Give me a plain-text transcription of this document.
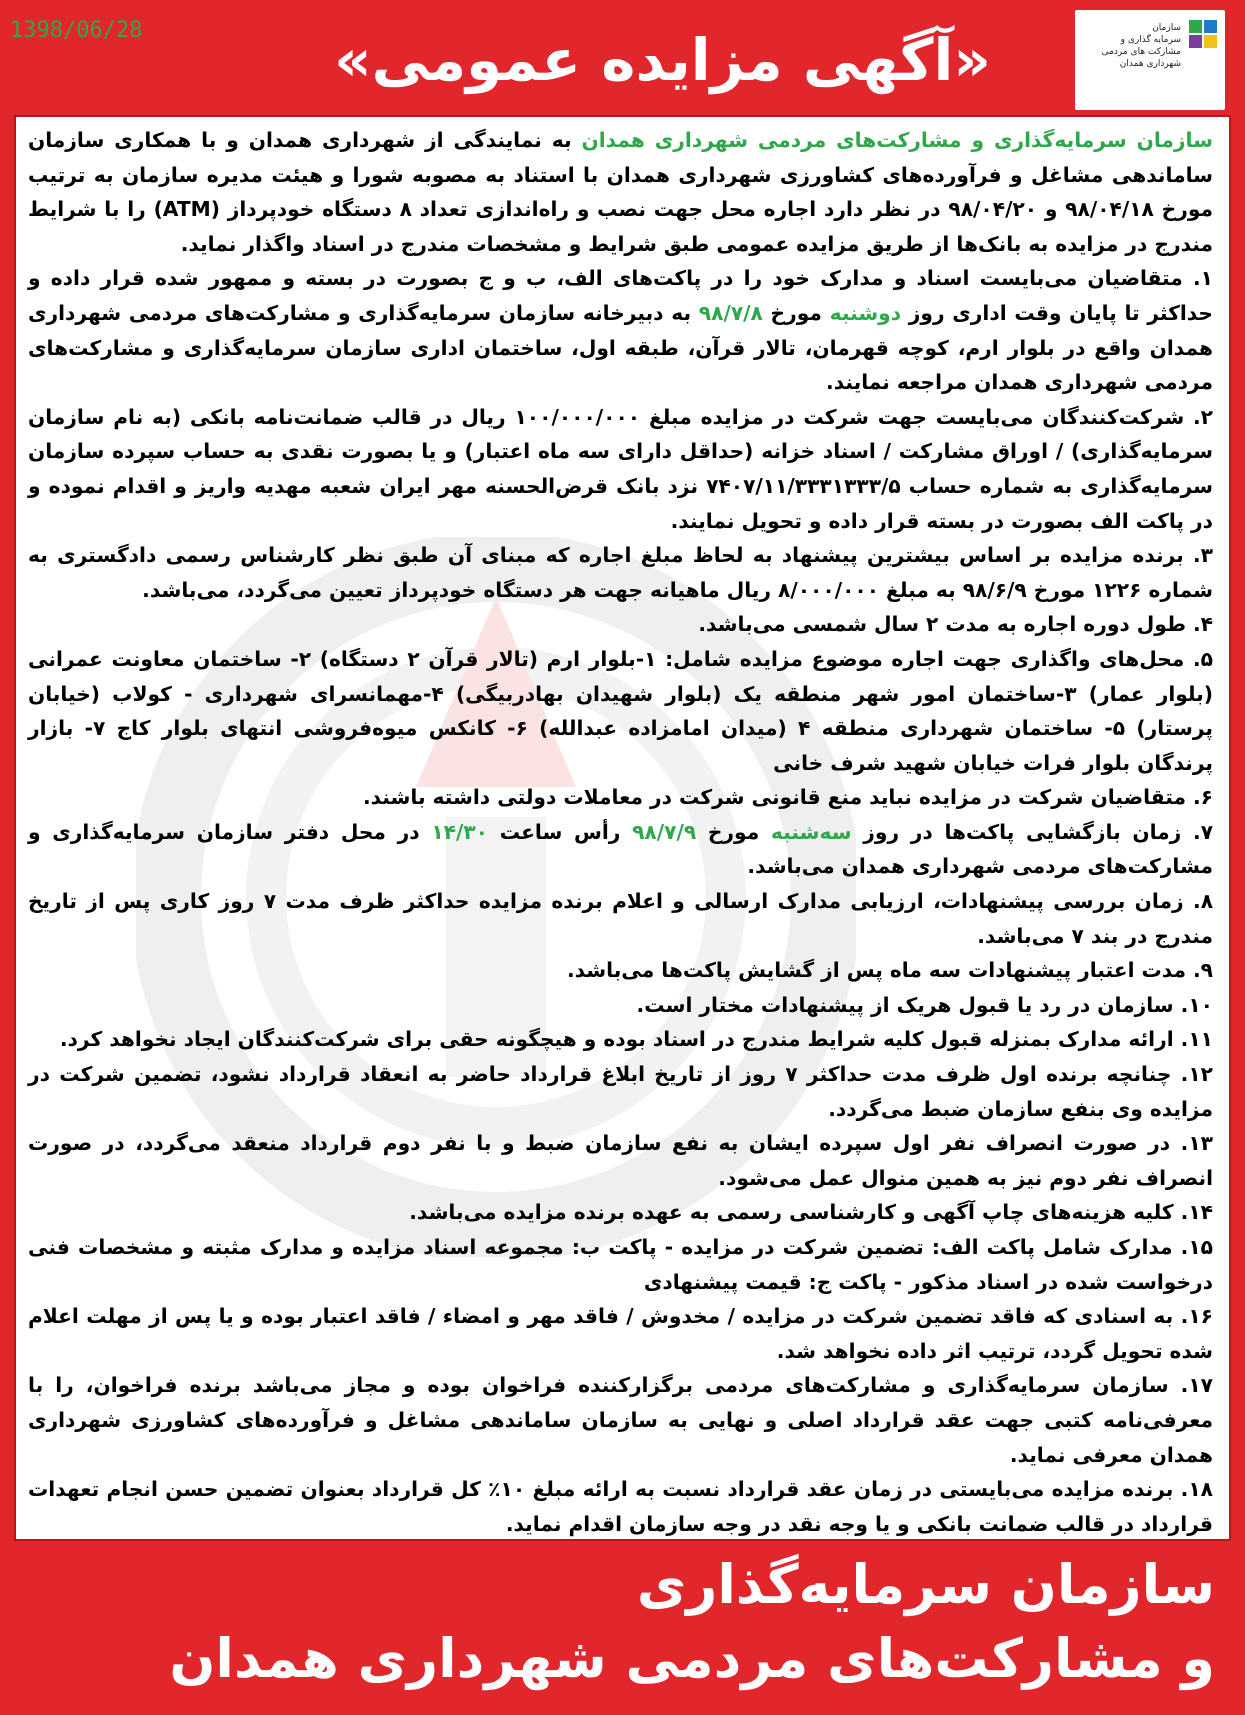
1398/06/28	«آگهی مزایده عمومی»	سازمان
سرمایه گذاری و
مشارکت های مردمی
شهرداری همدان

سازمان سرمایه‌گذاری و مشارکت‌های مردمی شهرداری همدان به نمایندگی از شهرداری همدان و با همکاری سازمان ساماندهی مشاغل و فرآورده‌های کشاورزی شهرداری همدان با استناد به مصوبه شورا و هیئت مدیره سازمان به ترتیب مورخ ۹۸/۰۴/۱۸ و ۹۸/۰۴/۲۰ در نظر دارد اجاره محل جهت نصب و راه‌اندازی تعداد ۸ دستگاه خودپرداز (ATM) را با شرایط مندرج در مزایده به بانک‌ها از طریق مزایده عمومی طبق شرایط و مشخصات مندرج در اسناد واگذار نماید.

۱. متقاضیان می‌بایست اسناد و مدارک خود را در پاکت‌های الف، ب و ج بصورت در بسته و ممهور شده قرار داده و حداکثر تا پایان وقت اداری روز دوشنبه مورخ ۹۸/۷/۸ به دبیرخانه سازمان سرمایه‌گذاری و مشارکت‌های مردمی شهرداری همدان واقع در بلوار ارم، کوچه قهرمان، تالار قرآن، طبقه اول، ساختمان اداری سازمان سرمایه‌گذاری و مشارکت‌های مردمی شهرداری همدان مراجعه نمایند.

۲. شرکت‌کنندگان می‌بایست جهت شرکت در مزایده مبلغ ۱۰۰/۰۰۰/۰۰۰ ریال در قالب ضمانت‌نامه بانکی (به نام سازمان سرمایه‌گذاری) / اوراق مشارکت / اسناد خزانه (حداقل دارای سه ماه اعتبار) و یا بصورت نقدی به حساب سپرده سازمان سرمایه‌گذاری به شماره حساب ۷۴۰۷/۱۱/۳۳۳۱۳۳۳/۵ نزد بانک قرض‌الحسنه مهر ایران شعبه مهدیه واریز و اقدام نموده و در پاکت الف بصورت در بسته قرار داده و تحویل نمایند.

۳. برنده مزایده بر اساس بیشترین پیشنهاد به لحاظ مبلغ اجاره که مبنای آن طبق نظر کارشناس رسمی دادگستری به شماره ۱۲۲۶ مورخ ۹۸/۶/۹ به مبلغ ۸/۰۰۰/۰۰۰ ریال ماهیانه جهت هر دستگاه خودپرداز تعیین می‌گردد، می‌باشد.

۴. طول دوره اجاره به مدت ۲ سال شمسی می‌باشد.

۵. محل‌های واگذاری جهت اجاره موضوع مزایده شامل: ۱-بلوار ارم (تالار قرآن ۲ دستگاه) ۲- ساختمان معاونت عمرانی (بلوار عمار) ۳-ساختمان امور شهر منطقه یک (بلوار شهیدان بهادربیگی) ۴-مهمانسرای شهرداری - کولاب (خیابان پرستار) ۵- ساختمان شهرداری منطقه ۴ (میدان امامزاده عبدالله) ۶- کانکس میوه‌فروشی انتهای بلوار کاج ۷- بازار پرندگان بلوار فرات خیابان شهید شرف خانی

۶. متقاضیان شرکت در مزایده نباید منع قانونی شرکت در معاملات دولتی داشته باشند.

۷. زمان بازگشایی پاکت‌ها در روز سه‌شنبه مورخ ۹۸/۷/۹ رأس ساعت ۱۴/۳۰ در محل دفتر سازمان سرمایه‌گذاری و مشارکت‌های مردمی شهرداری همدان می‌باشد.

۸. زمان بررسی پیشنهادات، ارزیابی مدارک ارسالی و اعلام برنده مزایده حداکثر ظرف مدت ۷ روز کاری پس از تاریخ مندرج در بند ۷ می‌باشد.

۹. مدت اعتبار پیشنهادات سه ماه پس از گشایش پاکت‌ها می‌باشد.

۱۰. سازمان در رد یا قبول هریک از پیشنهادات مختار است.

۱۱. ارائه مدارک بمنزله قبول کلیه شرایط مندرج در اسناد بوده و هیچگونه حقی برای شرکت‌کنندگان ایجاد نخواهد کرد.

۱۲. چنانچه برنده اول ظرف مدت حداکثر ۷ روز از تاریخ ابلاغ قرارداد حاضر به انعقاد قرارداد نشود، تضمین شرکت در مزایده وی بنفع سازمان ضبط می‌گردد.

۱۳. در صورت انصراف نفر اول سپرده ایشان به نفع سازمان ضبط و با نفر دوم قرارداد منعقد می‌گردد، در صورت انصراف نفر دوم نیز به همین منوال عمل می‌شود.

۱۴. کلیه هزینه‌های چاپ آگهی و کارشناسی رسمی به عهده برنده مزایده می‌باشد.

۱۵. مدارک شامل پاکت الف: تضمین شرکت در مزایده - پاکت ب: مجموعه اسناد مزایده و مدارک مثبته و مشخصات فنی درخواست شده در اسناد مذکور - پاکت ج: قیمت پیشنهادی

۱۶. به اسنادی که فاقد تضمین شرکت در مزایده / مخدوش / فاقد مهر و امضاء / فاقد اعتبار بوده و یا پس از مهلت اعلام شده تحویل گردد، ترتیب اثر داده نخواهد شد.

۱۷. سازمان سرمایه‌گذاری و مشارکت‌های مردمی برگزارکننده فراخوان بوده و مجاز می‌باشد برنده فراخوان، را با معرفی‌نامه کتبی جهت عقد قرارداد اصلی و نهایی به سازمان ساماندهی مشاغل و فرآورده‌های کشاورزی شهرداری همدان معرفی نماید.

۱۸. برنده مزایده می‌بایستی در زمان عقد قرارداد نسبت به ارائه مبلغ ۱۰٪ کل قرارداد بعنوان تضمین حسن انجام تعهدات قرارداد در قالب ضمانت بانکی و یا وجه نقد در وجه سازمان اقدام نماید.

سازمان سرمایه‌گذاری
و مشارکت‌های مردمی شهرداری همدان
